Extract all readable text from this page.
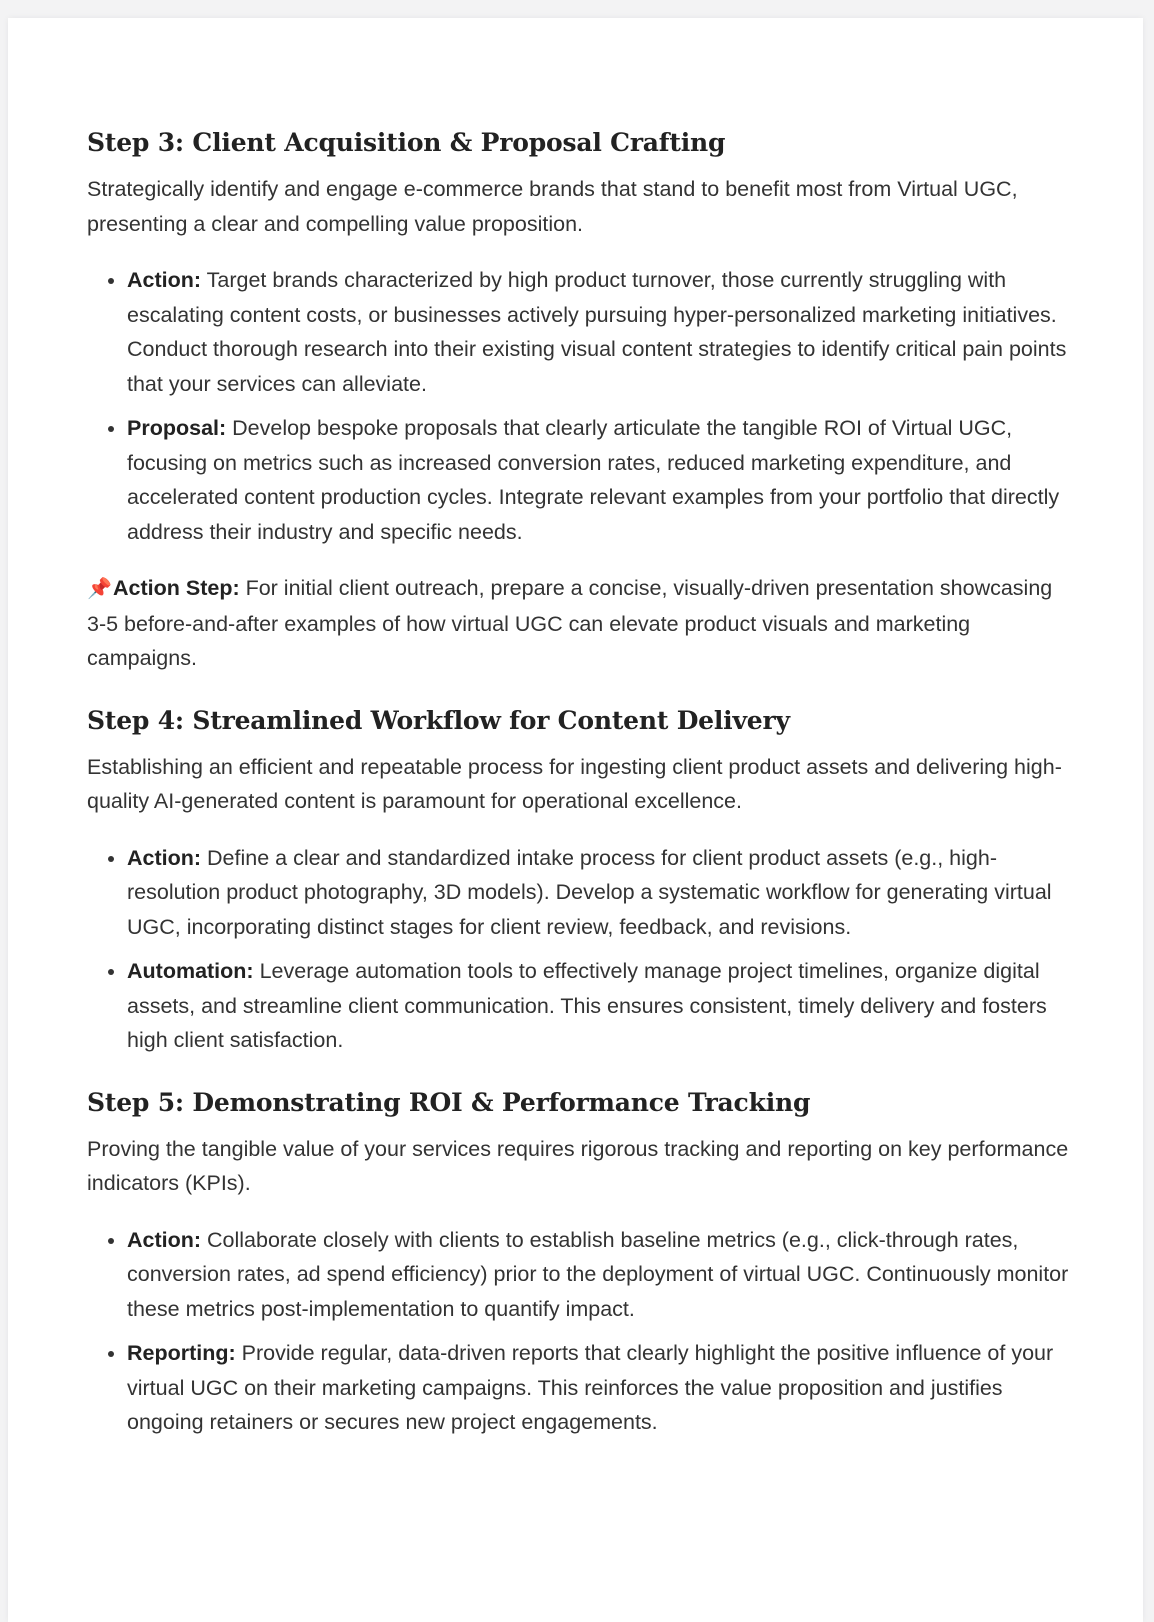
Step 3: Client Acquisition & Proposal Crafting

Strategically identify and engage e-commerce brands that stand to benefit most from Virtual UGC, presenting a clear and compelling value proposition.

• Action: Target brands characterized by high product turnover, those currently struggling with escalating content costs, or businesses actively pursuing hyper-personalized marketing initiatives. Conduct thorough research into their existing visual content strategies to identify critical pain points that your services can alleviate.
• Proposal: Develop bespoke proposals that clearly articulate the tangible ROI of Virtual UGC, focusing on metrics such as increased conversion rates, reduced marketing expenditure, and accelerated content production cycles. Integrate relevant examples from your portfolio that directly address their industry and specific needs.

📌Action Step: For initial client outreach, prepare a concise, visually-driven presentation showcasing 3-5 before-and-after examples of how virtual UGC can elevate product visuals and marketing campaigns.

Step 4: Streamlined Workflow for Content Delivery

Establishing an efficient and repeatable process for ingesting client product assets and delivering high-quality AI-generated content is paramount for operational excellence.

• Action: Define a clear and standardized intake process for client product assets (e.g., high-resolution product photography, 3D models). Develop a systematic workflow for generating virtual UGC, incorporating distinct stages for client review, feedback, and revisions.
• Automation: Leverage automation tools to effectively manage project timelines, organize digital assets, and streamline client communication. This ensures consistent, timely delivery and fosters high client satisfaction.
Step 5: Demonstrating ROI & Performance Tracking

Proving the tangible value of your services requires rigorous tracking and reporting on key performance indicators (KPIs).

• Action: Collaborate closely with clients to establish baseline metrics (e.g., click-through rates, conversion rates, ad spend efficiency) prior to the deployment of virtual UGC. Continuously monitor these metrics post-implementation to quantify impact.
• Reporting: Provide regular, data-driven reports that clearly highlight the positive influence of your virtual UGC on their marketing campaigns. This reinforces the value proposition and justifies ongoing retainers or secures new project engagements.
